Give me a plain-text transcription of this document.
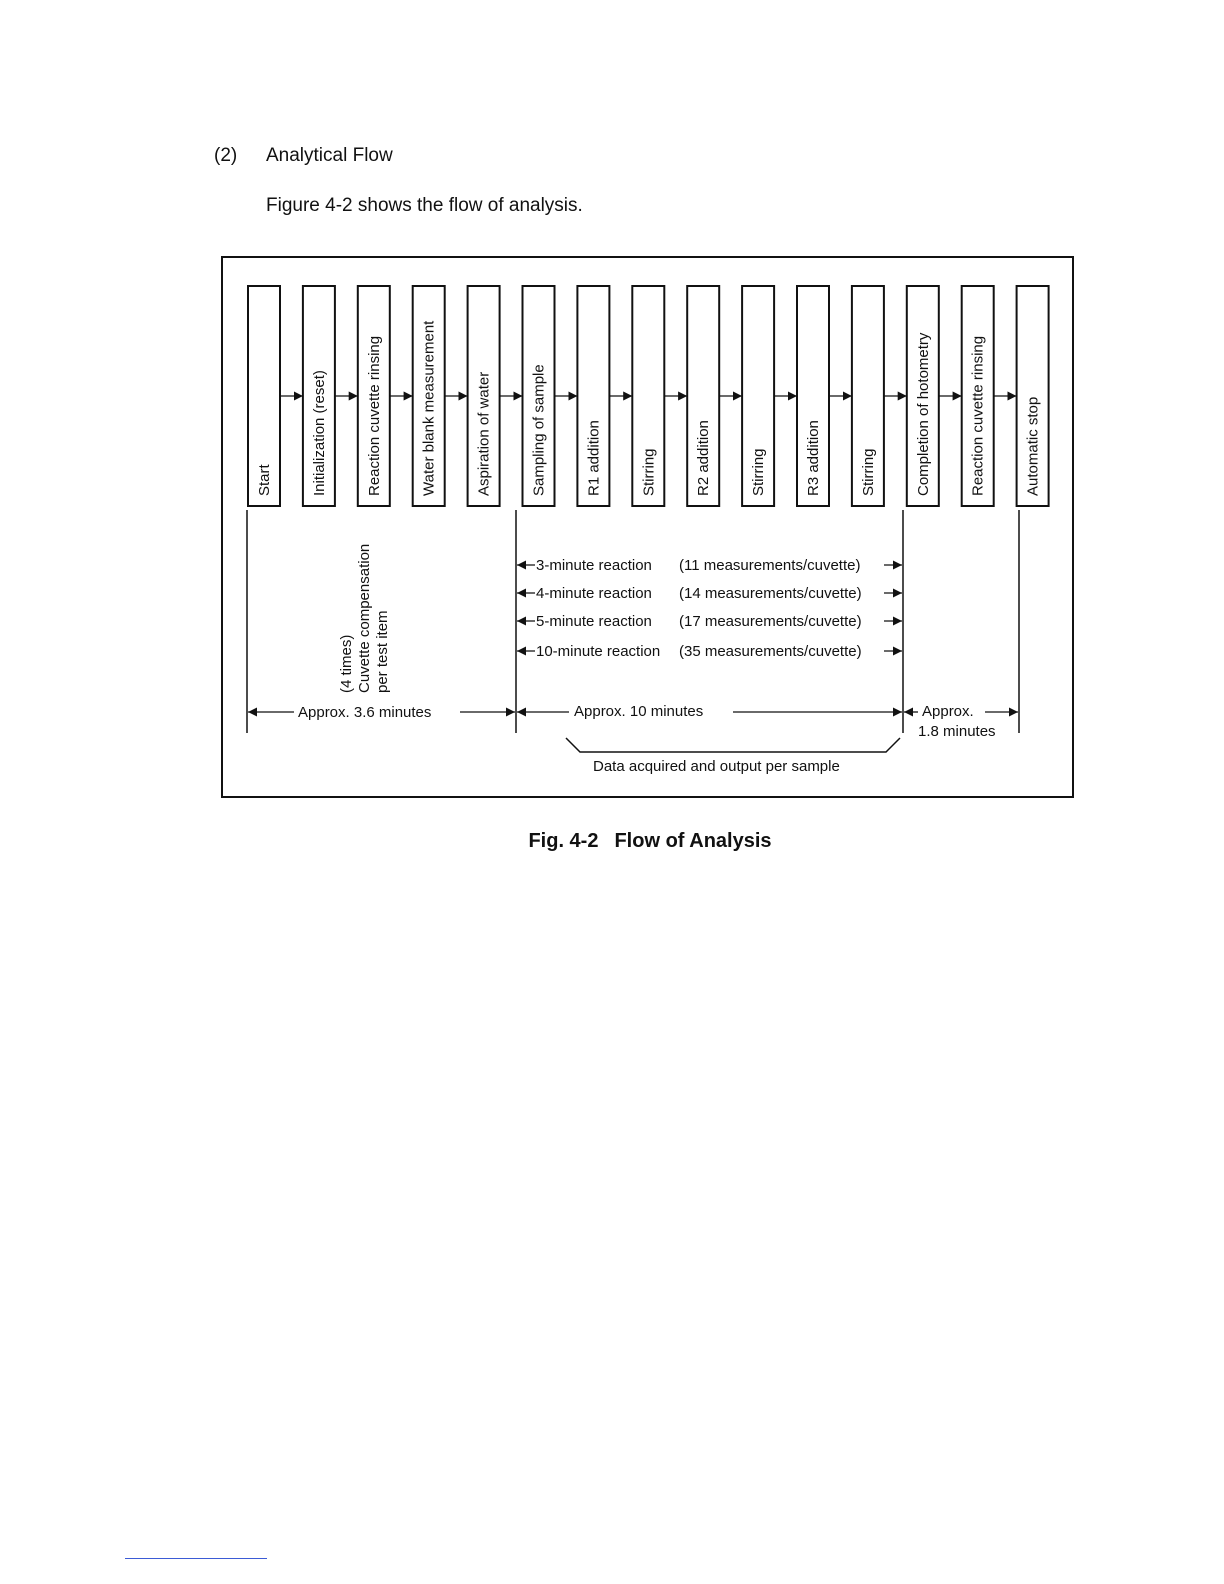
(2) Analytical Flow
Figure 4-2 shows the flow of analysis.
Start	Initialization (reset)	Reaction cuvette rinsing	Water blank measurement	Aspiration of water	Sampling of sample	R1 addition	Stirring	R2 addition	Stirring	R3 addition	Stirring	Completion of hotometry	Reaction cuvette rinsing	Automatic stop
(4 times) Cuvette compensation per test item
3-minute reaction (11 measurements/cuvette)
4-minute reaction (14 measurements/cuvette)
5-minute reaction (17 measurements/cuvette)
10-minute reaction (35 measurements/cuvette)
Approx. 3.6 minutes	Approx. 10 minutes	Approx.
1.8 minutes
Data acquired and output per sample
Fig. 4-2 Flow of Analysis
